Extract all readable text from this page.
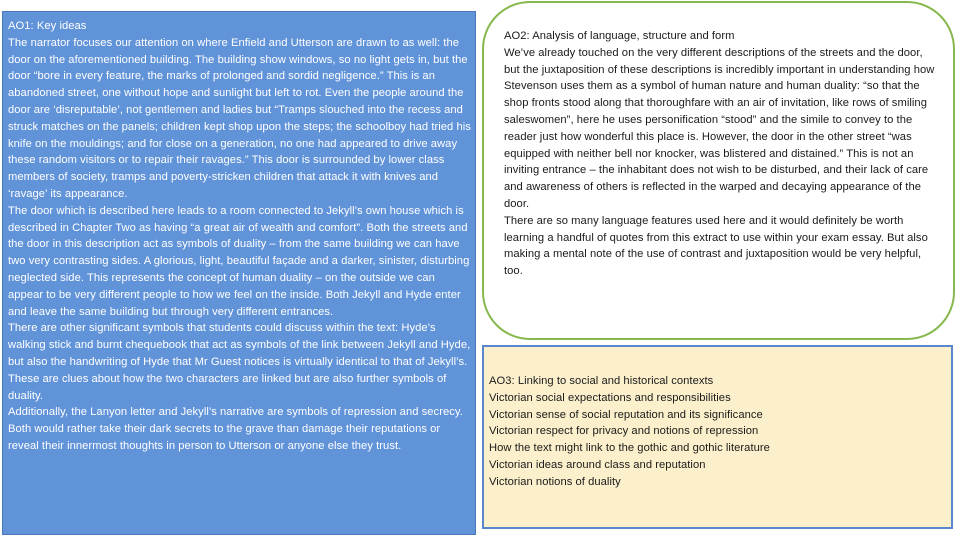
AO1: Key ideas

The narrator focuses our attention on where Enfield and Utterson are drawn to as well: the door on the aforementioned building. The building show windows, so no light gets in, but the door “bore in every feature, the marks of prolonged and sordid negligence.” This is an abandoned street, one without hope and sunlight but left to rot. Even the people around the door are ‘disreputable’, not gentlemen and ladies but “Tramps slouched into the recess and struck matches on the panels; children kept shop upon the steps; the schoolboy had tried his knife on the mouldings; and for close on a generation, no one had appeared to drive away these random visitors or to repair their ravages.” This door is surrounded by lower class members of society, tramps and poverty-stricken children that attack it with knives and ‘ravage’ its appearance.

The door which is described here leads to a room connected to Jekyll’s own house which is described in Chapter Two as having “a great air of wealth and comfort”. Both the streets and the door in this description act as symbols of duality – from the same building we can have two very contrasting sides. A glorious, light, beautiful façade and a darker, sinister, disturbing neglected side. This represents the concept of human duality – on the outside we can appear to be very different people to how we feel on the inside. Both Jekyll and Hyde enter and leave the same building but through very different entrances.

There are other significant symbols that students could discuss within the text: Hyde’s walking stick and burnt chequebook that act as symbols of the link between Jekyll and Hyde, but also the handwriting of Hyde that Mr Guest notices is virtually identical to that of Jekyll’s. These are clues about how the two characters are linked but are also further symbols of duality.

Additionally, the Lanyon letter and Jekyll’s narrative are symbols of repression and secrecy. Both would rather take their dark secrets to the grave than damage their reputations or reveal their innermost thoughts in person to Utterson or anyone else they trust.

AO2: Analysis of language, structure and form

We’ve already touched on the very different descriptions of the streets and the door, but the juxtaposition of these descriptions is incredibly important in understanding how Stevenson uses them as a symbol of human nature and human duality: “so that the shop fronts stood along that thoroughfare with an air of invitation, like rows of smiling saleswomen”, here he uses personification “stood” and the simile to convey to the reader just how wonderful this place is. However, the door in the other street “was equipped with neither bell nor knocker, was blistered and distained.” This is not an inviting entrance – the inhabitant does not wish to be disturbed, and their lack of care and awareness of others is reflected in the warped and decaying appearance of the door.

There are so many language features used here and it would definitely be worth learning a handful of quotes from this extract to use within your exam essay. But also making a mental note of the use of contrast and juxtaposition would be very helpful, too.

AO3: Linking to social and historical contexts

Victorian social expectations and responsibilities

Victorian sense of social reputation and its significance

Victorian respect for privacy and notions of repression

How the text might link to the gothic and gothic literature

Victorian ideas around class and reputation

Victorian notions of duality
